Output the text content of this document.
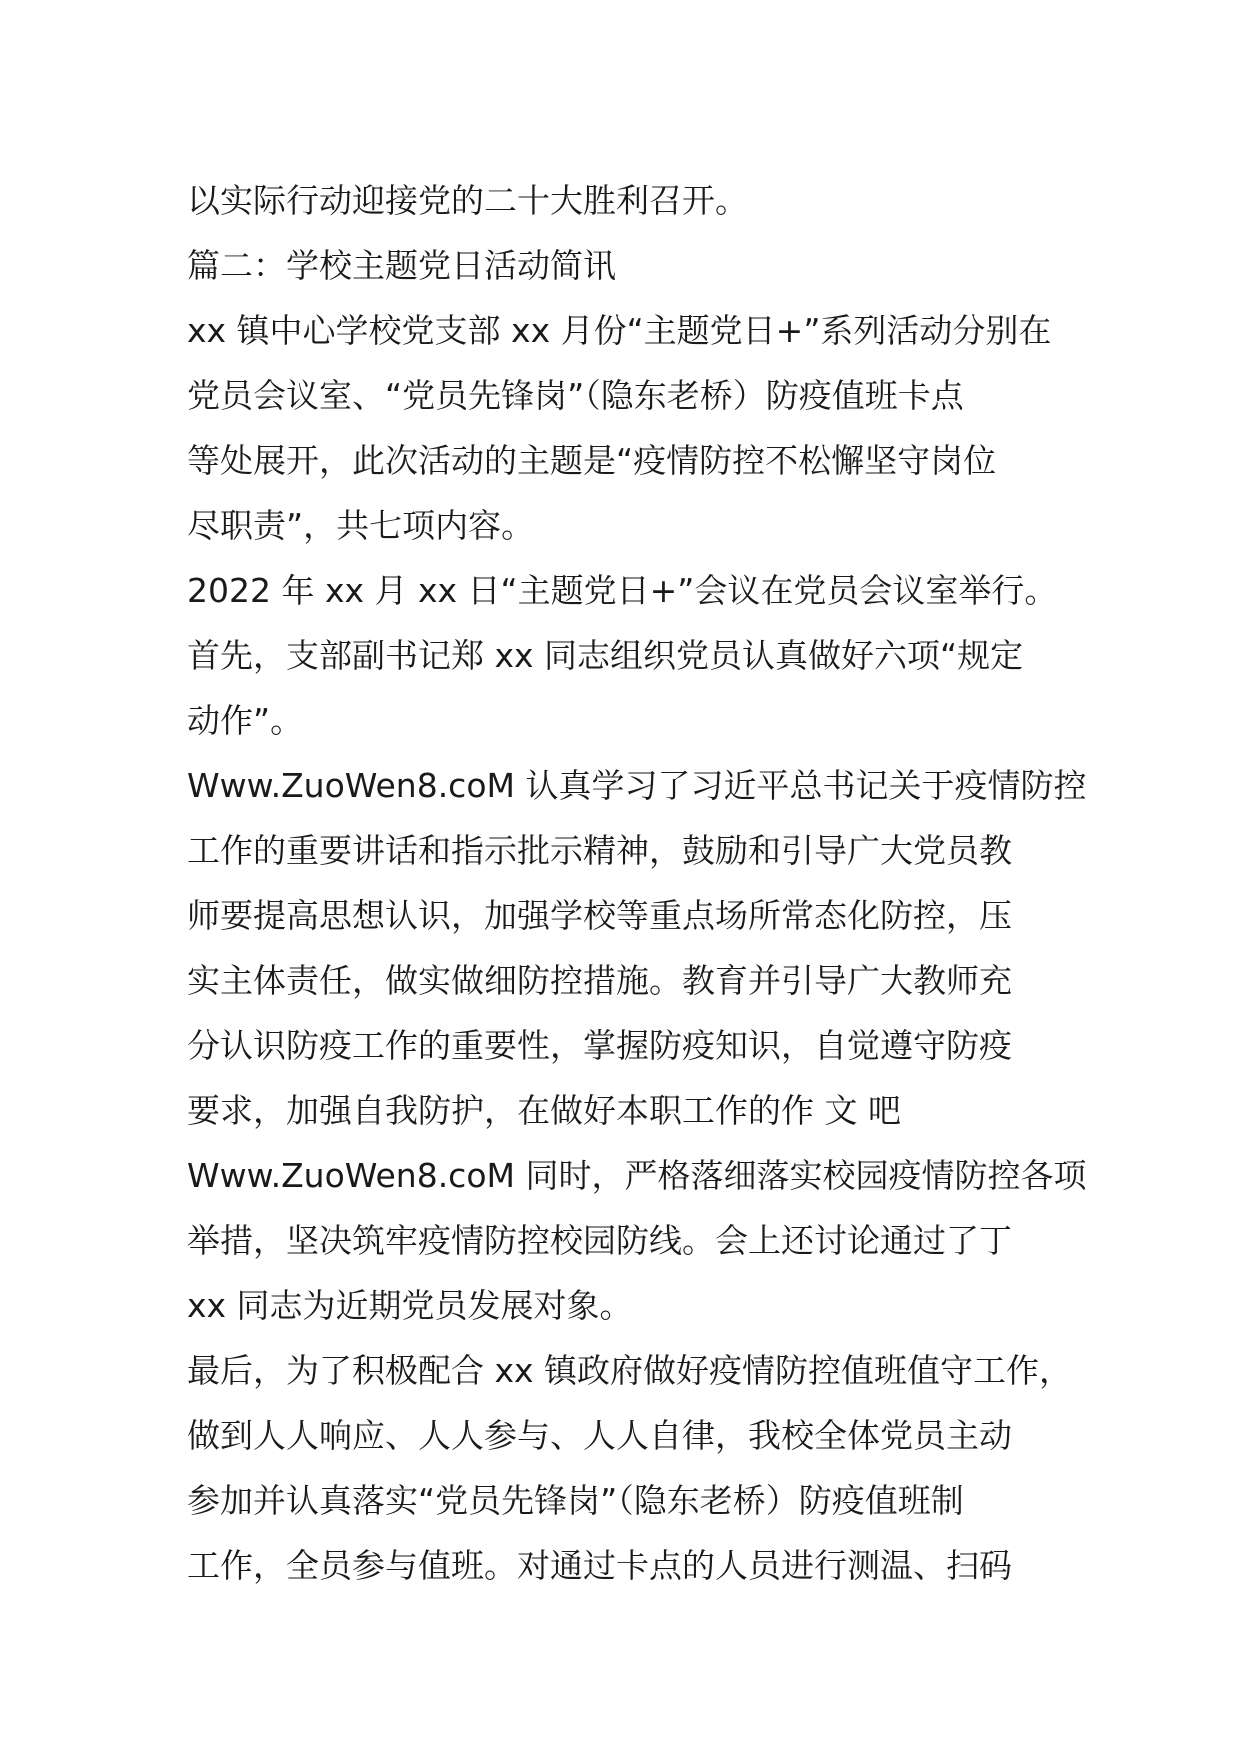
以实际行动迎接党的二十大胜利召开。
篇二：学校主题党日活动简讯
xx 镇中心学校党支部 xx 月份“主题党日+”系列活动分别在
党员会议室、“党员先锋岗”（隐东老桥）防疫值班卡点
等处展开，此次活动的主题是“疫情防控不松懈坚守岗位
尽职责”，共七项内容。
2022 年 xx 月 xx 日“主题党日+”会议在党员会议室举行。
首先，支部副书记郑 xx 同志组织党员认真做好六项“规定
动作”。
Www.ZuoWen8.coM 认真学习了习近平总书记关于疫情防控
工作的重要讲话和指示批示精神，鼓励和引导广大党员教
师要提高思想认识，加强学校等重点场所常态化防控，压
实主体责任，做实做细防控措施。教育并引导广大教师充
分认识防疫工作的重要性，掌握防疫知识，自觉遵守防疫
要求，加强自我防护，在做好本职工作的作 文 吧
Www.ZuoWen8.coM 同时，严格落细落实校园疫情防控各项
举措，坚决筑牢疫情防控校园防线。会上还讨论通过了丁
xx 同志为近期党员发展对象。
最后，为了积极配合 xx 镇政府做好疫情防控值班值守工作，
做到人人响应、人人参与、人人自律，我校全体党员主动
参加并认真落实“党员先锋岗”（隐东老桥）防疫值班制
工作，全员参与值班。对通过卡点的人员进行测温、扫码
